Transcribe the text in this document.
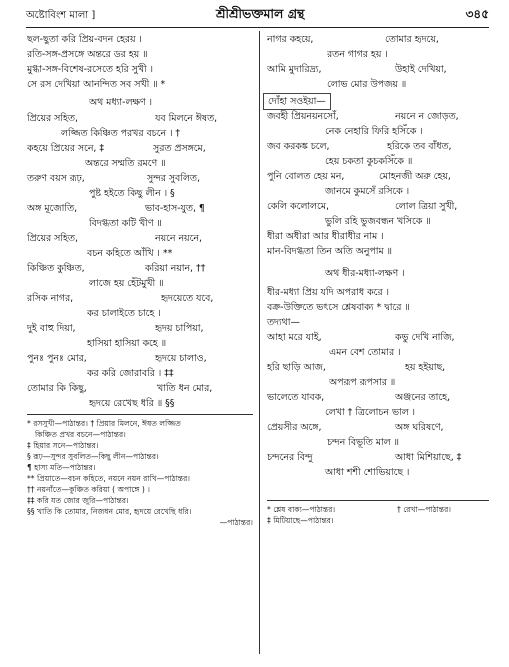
অষ্টোবিংশ মালা ]	শ্রীশ্রীভক্তমাল গ্রন্থ	৩৪৫
ছল-ছুতা করি প্রিয়-বদন হেরয় ।
রতি-সঙ্গ-প্রসঙ্গে অন্তরে ডর হয় ॥
মুগ্ধা-সঙ্গ-বিশেষ-রসেতে হরি সুখী ।
সে রস দেখিয়া আনন্দিত সব সখী ॥ *
অথ মধ্যা-লক্ষণ ।
প্রিয়ের সহিত,	যব মিলনে ঈষত,
লজ্জিত কিঞ্চিত পরখর বচনে । †
কহয়ে প্রিয়ের সনে, ‡	সুরত প্রসঙ্গমে,
অন্তরে সম্মতি রমণে ॥
তরুণ বয়স রূঢ়,	সুন্দর সুবলিত,
পুষ্ট হইতে কিছু লীন । §
অঙ্গ মূজোতি,	ভাব-হাস-যুত, ¶
বিদগ্ধতা কটি খীণ ॥
প্রিয়ের সহিত,	নয়নে নয়নে,
বচন কহিতে আঁখি । **
কিঞ্চিত কুঞ্চিত,	করিয়া নয়ান, ††
লাজে হয় হেঁটমুখী ॥
রসিক নাগর,	হৃদয়েতে যবে,
কর চালাইতে চাহে ।
দুই বাহু দিয়া,	হৃদয় চাপিয়া,
হাসিয়া হাসিয়া কহে ॥
পুনঃ পুনঃ মোর,	হৃদয়ে চালাও,
কর করি জোরাবরি । ‡‡
তোমার কি কিছু,	খাতি ধন মোর,
হৃদয়ে রেখেছ ধরি ॥ §§
* রসসুখী—পাঠান্তর। † প্রিয়ার মিলনে, ঈষত লজ্জিত
কিঞ্চিত প্রখর বচনে—পাঠান্তর।
‡ হিয়ার সনে—পাঠান্তর।
§ রূঢ়—সুন্দর সুবলিত—কিছু লীন—পাঠান্তর।
¶ হাস্য মতি—পাঠান্তর।
** প্রিয়াতে—বচন কহিতে, নয়নে নয়ন রাখি—পাঠান্তর।
†† নয়নাঁতে—কুঞ্চিত করিয়া ( অপাঙ্গে ) ।
‡‡ করি যত জোর জুরি—পাঠান্তর।
§§ খাতি কি তোমার, নিজধন মোর, হৃদয়ে রেখেছি ধরি।
—পাঠান্তর।
নাগর কহয়ে,	তোমার হৃদয়ে,
রতন গাগর হয় ।
আমি মুদারিদ্র্য,	উহাই দেখিয়া,
লোভ মোর উপজয় ॥
দোঁহা সওইয়া—
জবহী প্রিয়নয়নসোঁ,	নয়নে ন জোড়ত,
নেক নেহারি ফিরি হসিঁকে ।
জব করকঙ্ক চলে,	হরিকে তব বাঁধত,
হেয় চকতা কুচকসিঁকে ॥
পুনি বোলত হেয় মন,	মোহনজী অরু হেয়,
জানমে কুমসেঁ রসিকে ।
কেলি কলোলমে,	লোল ত্রিয়া সুখী,
ভুলি রহি ভুজবন্ধন খসিকে ॥
ধীরা অধীরা আর ধীরাধীর নাম ।
মান-বিদগ্ধতা তিন অতি অনুপাম ॥
অথ ধীর-মধ্যা-লক্ষণ ।
ধীর-মধ্যা প্রিয় যদি অপরাধ করে ।
বক্র-উক্তিতে ভৎসে শ্লেষবাক্য * দ্বারে ॥
তদ্যথা—
আহা মরে যাই,	কভু দেখি নাজি,
এমন বেশ তোমার ।
হরি ছাড়ি আজ,	হয় হইয়াছ,
অপরূপ রূপসার ॥
ভালেতে যাবক,	অঞ্জনের তাহে,
লেখা † ত্রিলোচন ভাল ।
প্রেয়সীর অঙ্গে,	অঙ্গ ঘরিষণে,
চন্দন বিভূতি মাল ॥
চন্দনের বিন্দু	আধা মিশিয়াছে, ‡
আধা শশী শোভিয়াছে ।
* শ্লেষ বাক্য—পাঠান্তর।	† রেখা—পাঠান্তর।
‡ মিটিয়াছে—পাঠান্তর।
